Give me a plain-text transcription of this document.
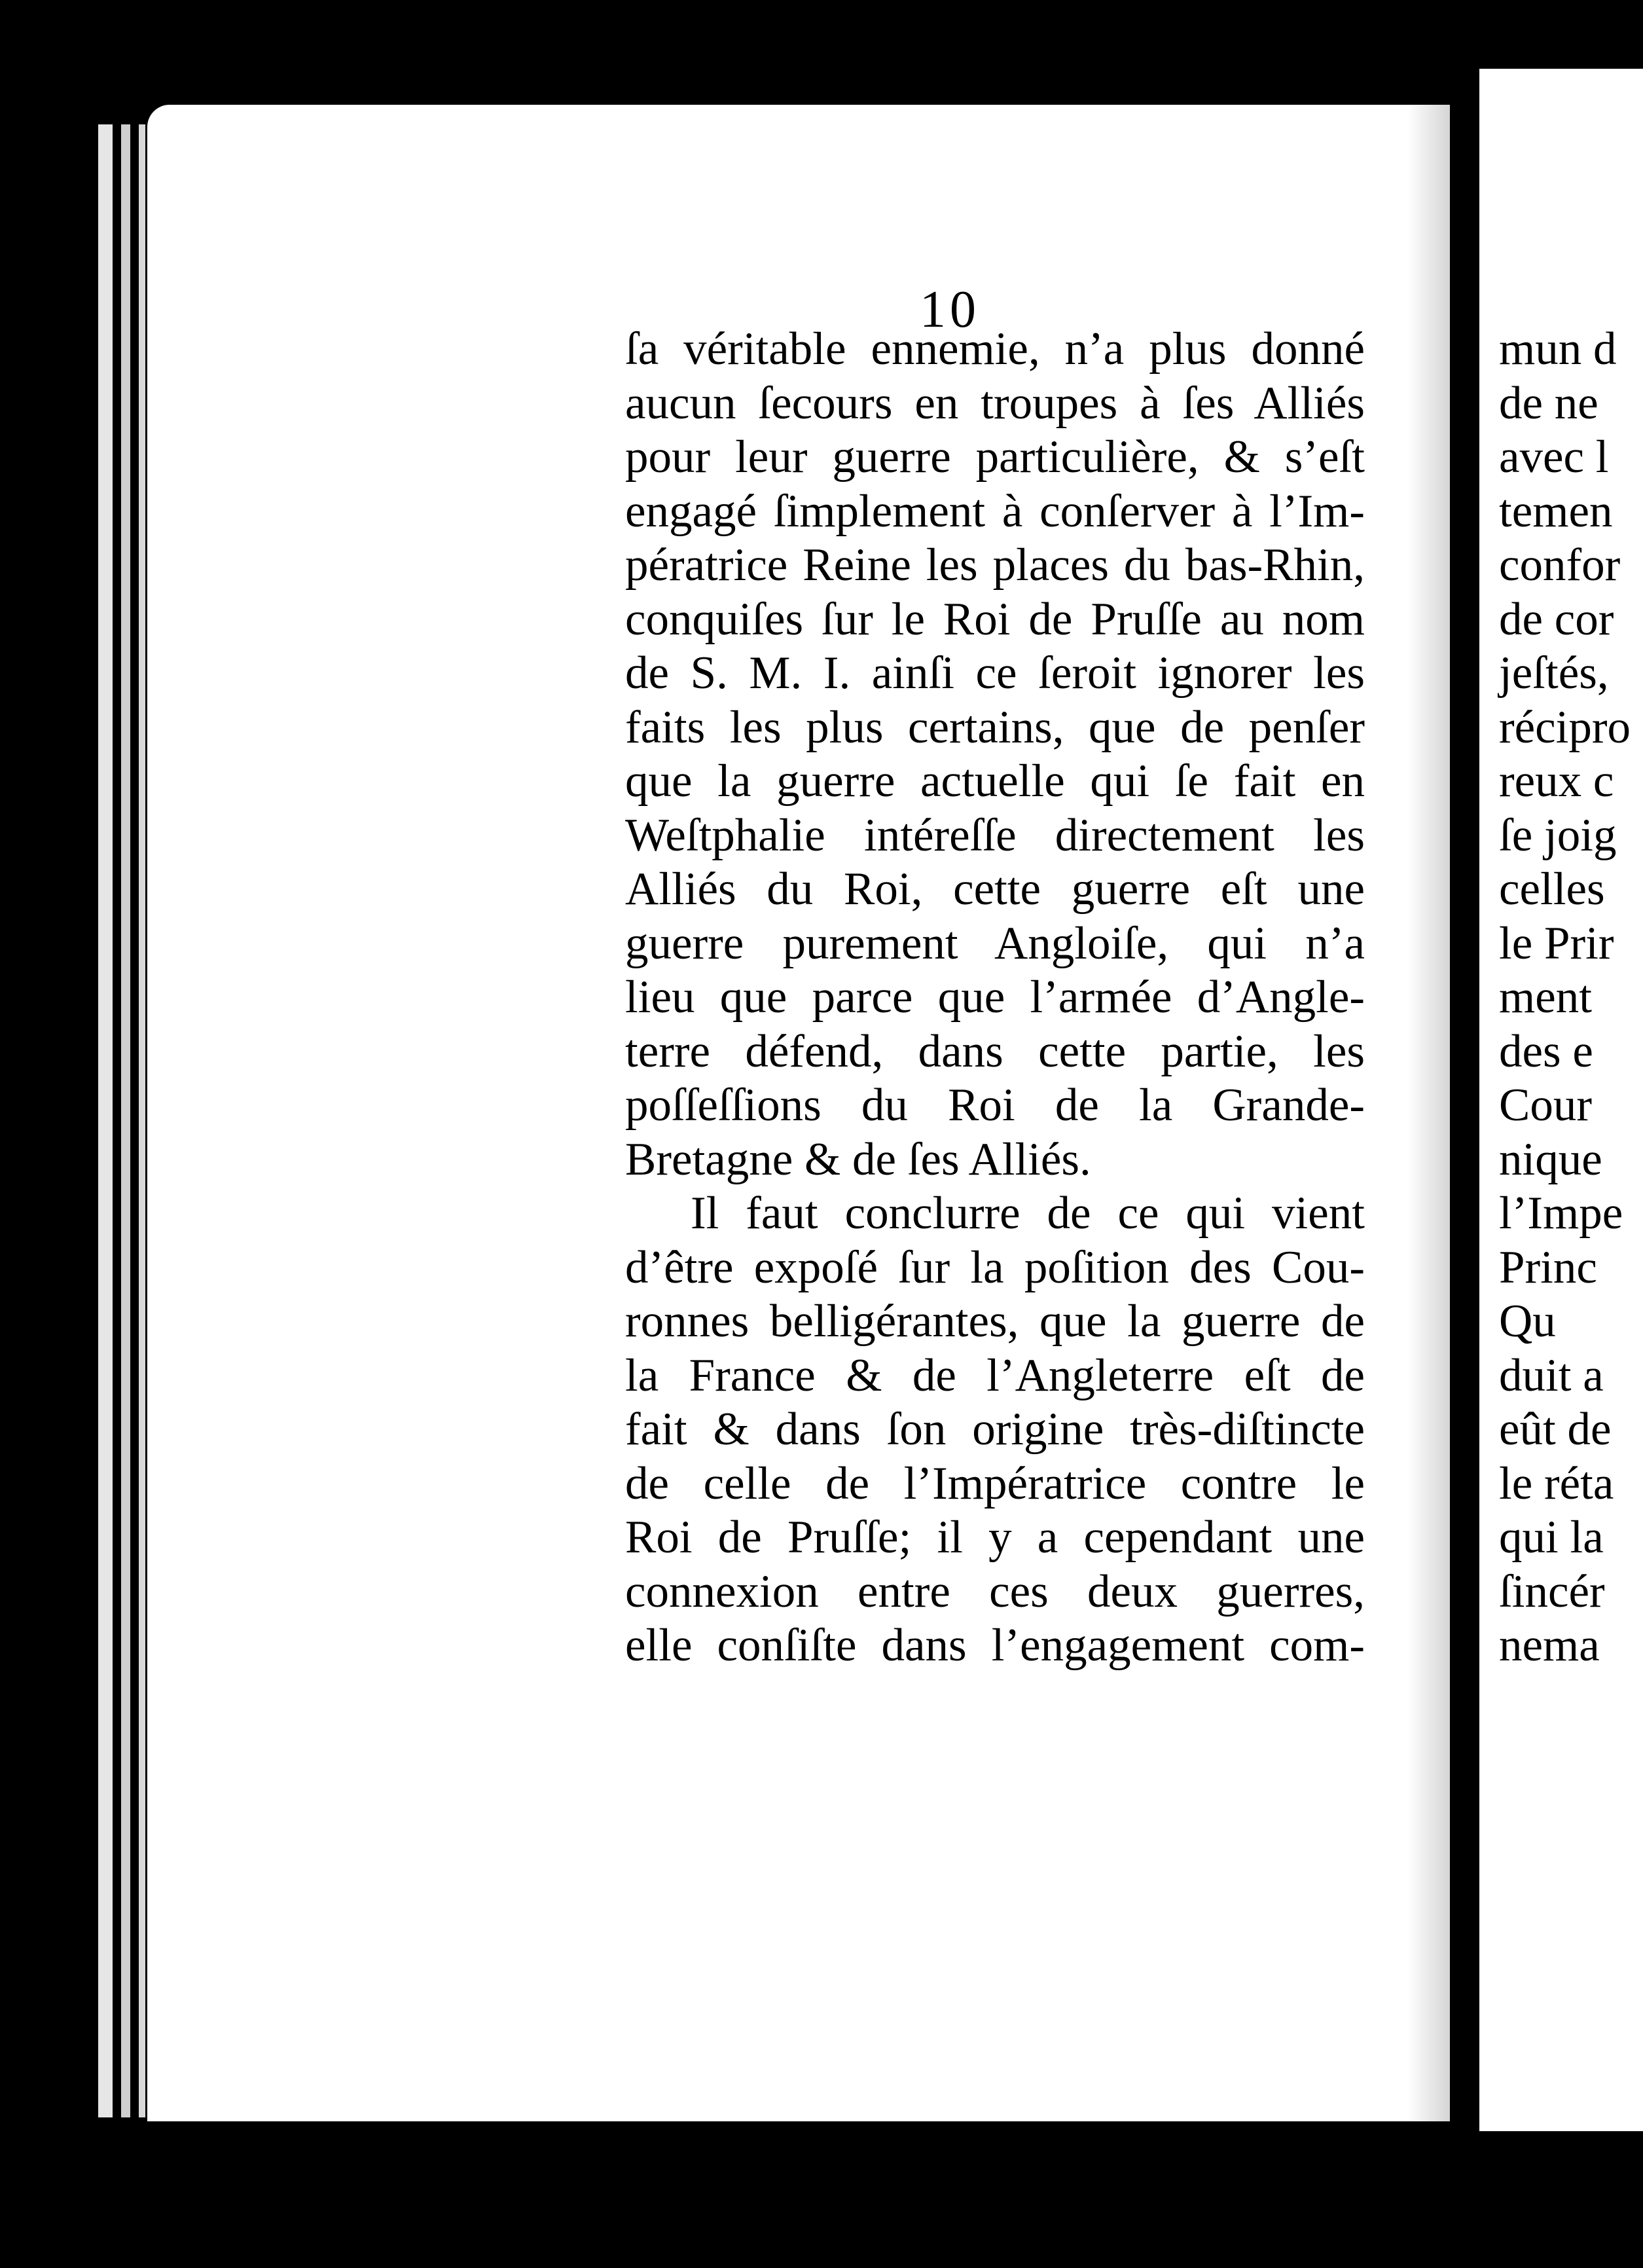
10
ſa véritable ennemie, n’a plus donné
aucun ſecours en troupes à ſes Alliés
pour leur guerre particulière, & s’eſt
engagé ſimplement à conſerver à l’Im-
pératrice Reine les places du bas-Rhin,
conquiſes ſur le Roi de Pruſſe au nom
de S. M. I. ainſi ce ſeroit ignorer les
faits les plus certains, que de penſer
que la guerre actuelle qui ſe fait en
Weſtphalie intéreſſe directement les
Alliés du Roi, cette guerre eſt une
guerre purement Angloiſe, qui n’a
lieu que parce que l’armée d’Angle-
terre défend, dans cette partie, les
poſſeſſions du Roi de la Grande-
Bretagne & de ſes Alliés.
Il faut conclurre de ce qui vient
d’être expoſé ſur la poſition des Cou-
ronnes belligérantes, que la guerre de
la France & de l’Angleterre eſt de
fait & dans ſon origine très-diſtincte
de celle de l’Impératrice contre le
Roi de Pruſſe; il y a cependant une
connexion entre ces deux guerres,
elle conſiſte dans l’engagement com-
mun d
de ne
avec l
temen
confor
de cor
jeſtés,
récipro
reux c
ſe joig
celles
le Prir
ment
des e
Cour
nique
l’Impe
Princ
Qu
duit a
eût de
le réta
qui la
ſincér
nema
